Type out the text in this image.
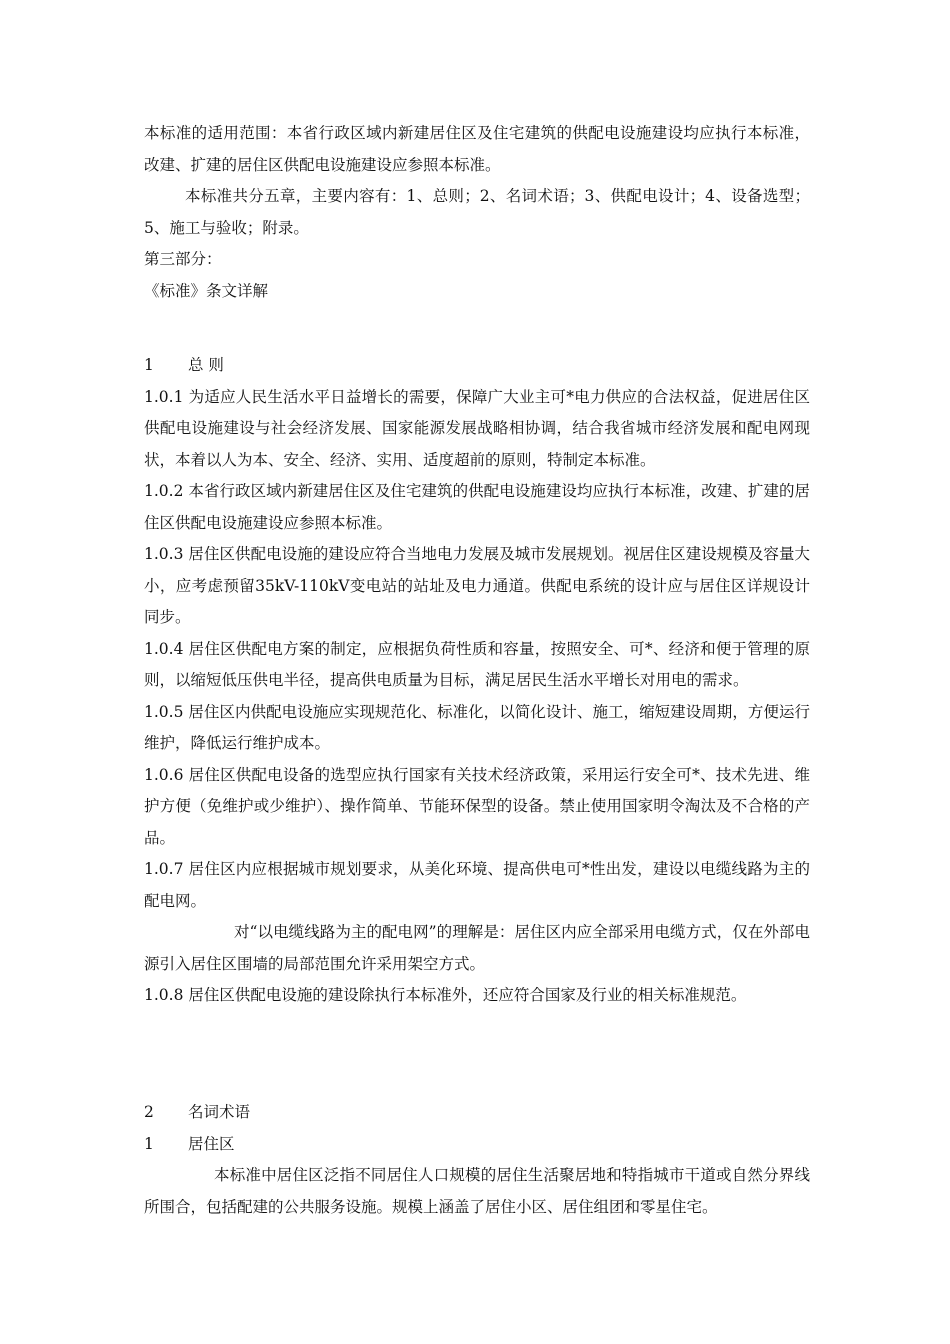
本标准的适用范围：本省行政区域内新建居住区及住宅建筑的供配电设施建设均应执行本标准，改建、扩建的居住区供配电设施建设应参照本标准。

本标准共分五章，主要内容有：1、总则；2、名词术语；3、供配电设计；4、设备选型；5、施工与验收；附录。

第三部分：

《标准》条文详解

1 总 则

1.0.1 为适应人民生活水平日益增长的需要，保障广大业主可*电力供应的合法权益，促进居住区供配电设施建设与社会经济发展、国家能源发展战略相协调，结合我省城市经济发展和配电网现状，本着以人为本、安全、经济、实用、适度超前的原则，特制定本标准。

1.0.2 本省行政区域内新建居住区及住宅建筑的供配电设施建设均应执行本标准，改建、扩建的居住区供配电设施建设应参照本标准。

1.0.3 居住区供配电设施的建设应符合当地电力发展及城市发展规划。视居住区建设规模及容量大小，应考虑预留35kV-110kV变电站的站址及电力通道。供配电系统的设计应与居住区详规设计同步。

1.0.4 居住区供配电方案的制定，应根据负荷性质和容量，按照安全、可*、经济和便于管理的原则，以缩短低压供电半径，提高供电质量为目标，满足居民生活水平增长对用电的需求。

1.0.5 居住区内供配电设施应实现规范化、标准化，以简化设计、施工，缩短建设周期，方便运行维护，降低运行维护成本。

1.0.6 居住区供配电设备的选型应执行国家有关技术经济政策，采用运行安全可*、技术先进、维护方便（免维护或少维护）、操作简单、节能环保型的设备。禁止使用国家明令淘汰及不合格的产品。

1.0.7 居住区内应根据城市规划要求，从美化环境、提高供电可*性出发，建设以电缆线路为主的配电网。

对“以电缆线路为主的配电网”的理解是：居住区内应全部采用电缆方式，仅在外部电源引入居住区围墙的局部范围允许采用架空方式。

1.0.8 居住区供配电设施的建设除执行本标准外，还应符合国家及行业的相关标准规范。

2 名词术语

1 居住区

本标准中居住区泛指不同居住人口规模的居住生活聚居地和特指城市干道或自然分界线所围合，包括配建的公共服务设施。规模上涵盖了居住小区、居住组团和零星住宅。
